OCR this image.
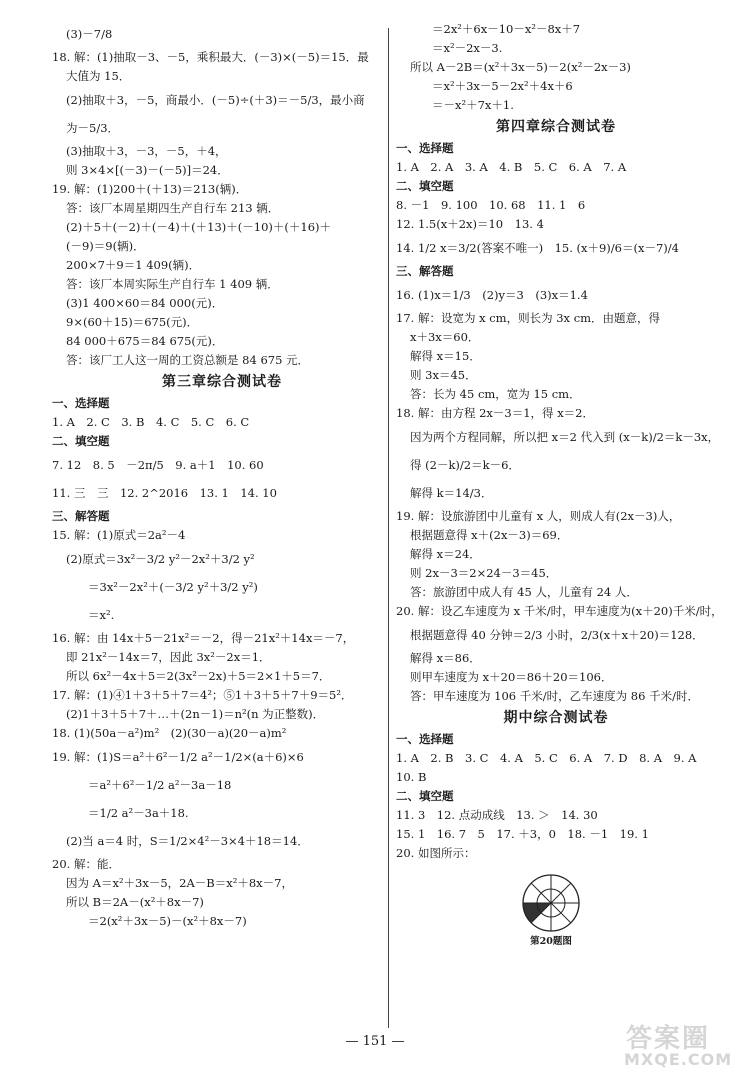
(3)－7/8
18. 解：(1)抽取－3、－5，乘积最大．(－3)×(－5)＝15．最
大值为 15．
(2)抽取＋3，－5，商最小．(－5)÷(＋3)＝－5/3，最小商
为－5/3．
(3)抽取＋3，－3，－5，＋4，
则 3×4×[(－3)－(－5)]＝24．
19. 解：(1)200＋(＋13)＝213(辆)．
答：该厂本周星期四生产自行车 213 辆．
(2)＋5＋(－2)＋(－4)＋(＋13)＋(－10)＋(＋16)＋
(－9)＝9(辆)．
200×7＋9＝1 409(辆)．
答：该厂本周实际生产自行车 1 409 辆．
(3)1 400×60＝84 000(元)．
9×(60＋15)＝675(元)．
84 000＋675＝84 675(元)．
答：该厂工人这一周的工资总额是 84 675 元．
第三章综合测试卷
一、选择题
1. A　2. C　3. B　4. C　5. C　6. C
二、填空题
7. 12　8. 5　－2π/5　9. a＋1　10. 60
11. 三　三　12. 2^2016　13. 1　14. 10
三、解答题
15. 解：(1)原式＝2a²－4
(2)原式＝3x²－3/2 y²－2x²＋3/2 y²
＝3x²－2x²＋(－3/2 y²＋3/2 y²)
＝x².
16. 解：由 14x＋5－21x²＝－2，得－21x²＋14x＝－7，
即 21x²－14x＝7，因此 3x²－2x＝1．
所以 6x²－4x＋5＝2(3x²－2x)＋5＝2×1＋5＝7．
17. 解：(1)④1＋3＋5＋7＝4²；⑤1＋3＋5＋7＋9＝5²．
(2)1＋3＋5＋7＋…＋(2n－1)＝n²(n 为正整数)．
18. (1)(50a－a²)m²　(2)(30－a)(20－a)m²
19. 解：(1)S＝a²＋6²－1/2 a²－1/2×(a＋6)×6
＝a²＋6²－1/2 a²－3a－18
＝1/2 a²－3a＋18.
(2)当 a＝4 时，S＝1/2×4²－3×4＋18＝14．
20. 解：能．
因为 A＝x²＋3x－5，2A－B＝x²＋8x－7，
所以 B＝2A－(x²＋8x－7)
＝2(x²＋3x－5)－(x²＋8x－7)
＝2x²＋6x－10－x²－8x＋7
＝x²－2x－3.
所以 A－2B＝(x²＋3x－5)－2(x²－2x－3)
＝x²＋3x－5－2x²＋4x＋6
＝－x²＋7x＋1.
第四章综合测试卷
一、选择题
1. A　2. A　3. A　4. B　5. C　6. A　7. A
二、填空题
8. －1　9. 100　10. 68　11. 1　6
12. 1.5(x＋2x)＝10　13. 4
14. 1/2 x＝3/2(答案不唯一)　15. (x＋9)/6＝(x－7)/4
三、解答题
16. (1)x＝1/3　(2)y＝3　(3)x＝1.4
17. 解：设宽为 x cm，则长为 3x cm．由题意，得
x＋3x＝60．
解得 x＝15．
则 3x＝45．
答：长为 45 cm，宽为 15 cm．
18. 解：由方程 2x－3＝1，得 x＝2．
因为两个方程同解，所以把 x＝2 代入到 (x－k)/2＝k－3x，
得 (2－k)/2＝k－6．
解得 k＝14/3．
19. 解：设旅游团中儿童有 x 人，则成人有(2x－3)人，
根据题意得 x＋(2x－3)＝69．
解得 x＝24．
则 2x－3＝2×24－3＝45．
答：旅游团中成人有 45 人，儿童有 24 人．
20. 解：设乙车速度为 x 千米/时，甲车速度为(x＋20)千米/时，
根据题意得 40 分钟＝2/3 小时，2/3(x＋x＋20)＝128．
解得 x＝86．
则甲车速度为 x＋20＝86＋20＝106．
答：甲车速度为 106 千米/时，乙车速度为 86 千米/时．
期中综合测试卷
一、选择题
1. A　2. B　3. C　4. A　5. C　6. A　7. D　8. A　9. A
10. B
二、填空题
11. 3　12. 点动成线　13. ＞　14. 30
15. 1　16. 7　5　17. ＋3，0　18. －1　19. 1
20. 如图所示：
第20题图
— 151 —	答案圈
MXQE.COM
